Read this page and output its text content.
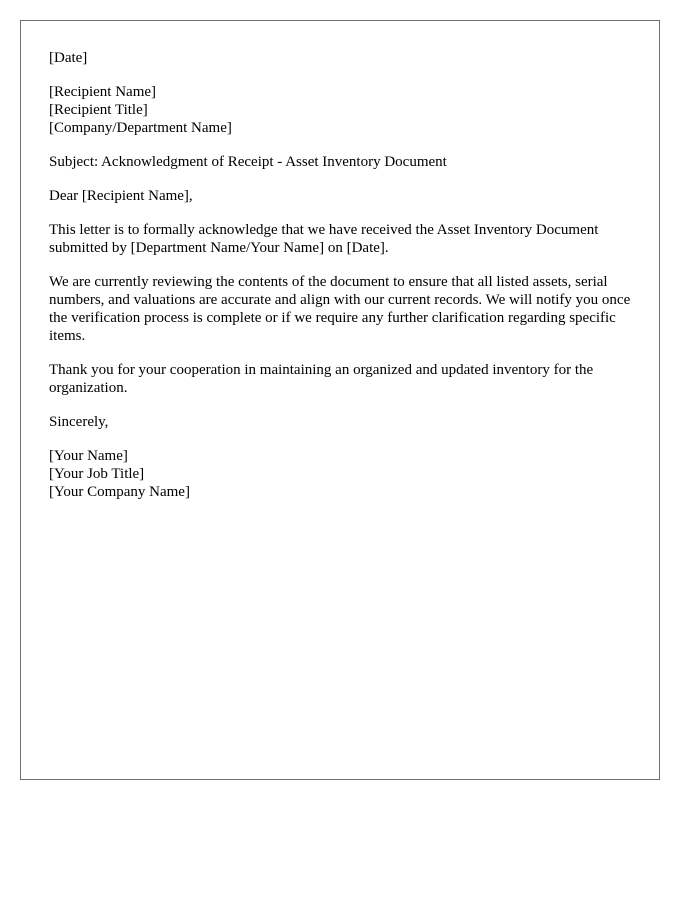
[Date]
[Recipient Name]
[Recipient Title]
[Company/Department Name]
Subject: Acknowledgment of Receipt - Asset Inventory Document
Dear [Recipient Name],

This letter is to formally acknowledge that we have received the Asset Inventory Document submitted by [Department Name/Your Name] on [Date].

We are currently reviewing the contents of the document to ensure that all listed assets, serial numbers, and valuations are accurate and align with our current records. We will notify you once the verification process is complete or if we require any further clarification regarding specific items.

Thank you for your cooperation in maintaining an organized and updated inventory for the organization.

Sincerely,
[Your Name]
[Your Job Title]
[Your Company Name]
